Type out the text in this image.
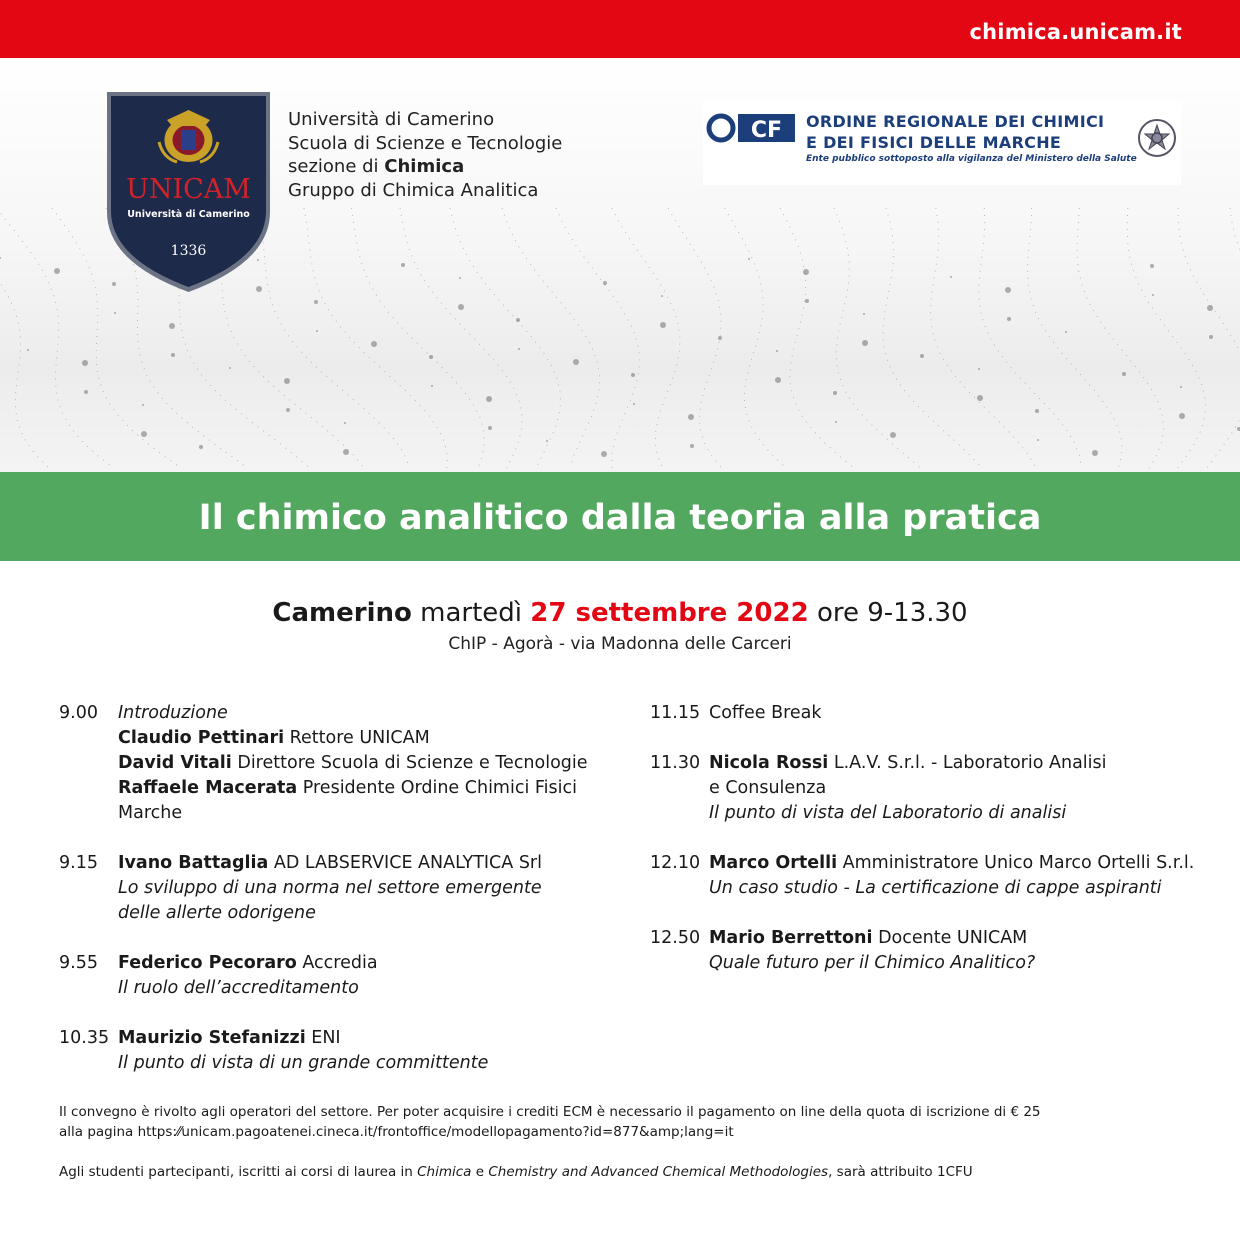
chimica.unicam.it
UNICAM
Università di Camerino
1336
Università di Camerino
Scuola di Scienze e Tecnologie
sezione di Chimica
Gruppo di Chimica Analitica
CF ORDINE REGIONALE DEI CHIMICI
E DEI FISICI DELLE MARCHE
Ente pubblico sottoposto alla vigilanza del Ministero della Salute
Il chimico analitico dalla teoria alla pratica
Camerino martedì 27 settembre 2022 ore 9-13.30
ChIP - Agorà - via Madonna delle Carceri
9.00 Introduzione
Claudio Pettinari Rettore UNICAM
David Vitali Direttore Scuola di Scienze e Tecnologie
Raffaele Macerata Presidente Ordine Chimici Fisici
Marche
9.15 Ivano Battaglia AD LABSERVICE ANALYTICA Srl
Lo sviluppo di una norma nel settore emergente
delle allerte odorigene
9.55 Federico Pecoraro Accredia
Il ruolo dell’accreditamento
10.35 Maurizio Stefanizzi ENI
Il punto di vista di un grande committente
11.15 Coffee Break
11.30 Nicola Rossi L.A.V. S.r.l. - Laboratorio Analisi
e Consulenza
Il punto di vista del Laboratorio di analisi
12.10 Marco Ortelli Amministratore Unico Marco Ortelli S.r.l.
Un caso studio - La certificazione di cappe aspiranti
12.50 Mario Berrettoni Docente UNICAM
Quale futuro per il Chimico Analitico?
Il convegno è rivolto agli operatori del settore. Per poter acquisire i crediti ECM è necessario il pagamento on line della quota di iscrizione di € 25
alla pagina https:⁄⁄unicam.pagoatenei.cineca.it/frontoffice/modellopagamento?id=877&amp;lang=it
Agli studenti partecipanti, iscritti ai corsi di laurea in Chimica e Chemistry and Advanced Chemical Methodologies, sarà attribuito 1CFU
